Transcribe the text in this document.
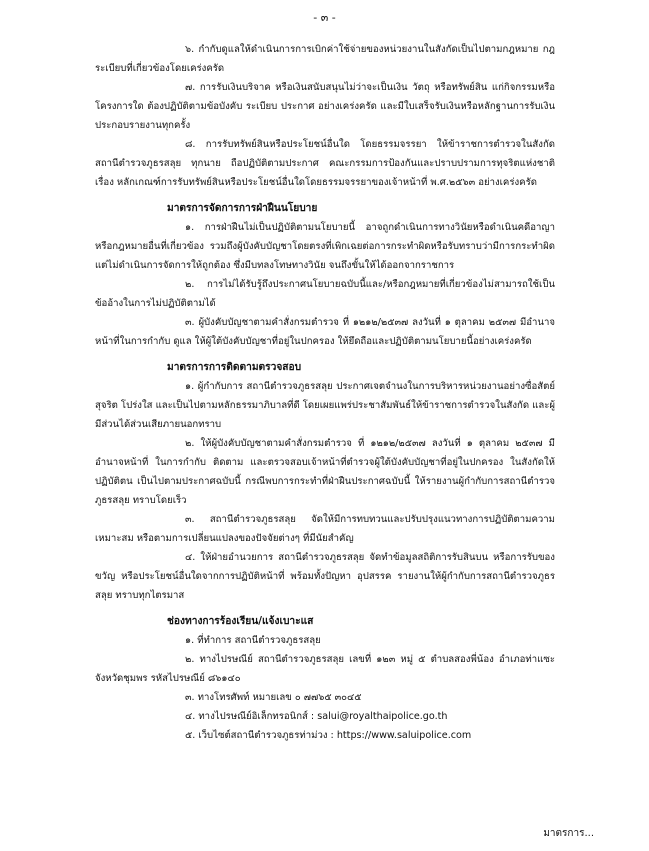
- ๓ -

๖. กำกับดูแลให้ดำเนินการการเบิกค่าใช้จ่ายของหน่วยงานในสังกัดเป็นไปตามกฎหมาย กฎระเบียบที่เกี่ยวข้องโดยเคร่งครัด

๗. การรับเงินบริจาค หรือเงินสนับสนุนไม่ว่าจะเป็นเงิน วัตถุ หรือทรัพย์สิน แก่กิจกรรมหรือโครงการใด ต้องปฏิบัติตามข้อบังคับ ระเบียบ ประกาศ อย่างเคร่งครัด และมีใบเสร็จรับเงินหรือหลักฐานการรับเงินประกอบรายงานทุกครั้ง

๘. การรับทรัพย์สินหรือประโยชน์อื่นใด โดยธรรมจรรยา ให้ข้าราชการตำรวจในสังกัดสถานีตำรวจภูธรสลุย ทุกนาย ถือปฏิบัติตามประกาศ คณะกรรมการป้องกันและปราบปรามการทุจริตแห่งชาติ เรื่อง หลักเกณฑ์การรับทรัพย์สินหรือประโยชน์อื่นใดโดยธรรมจรรยาของเจ้าหน้าที่ พ.ศ.๒๕๖๓ อย่างเคร่งครัด

มาตรการจัดการการฝ่าฝืนนโยบาย

๑. การฝ่าฝืนไม่เป็นปฏิบัติตามนโยบายนี้ อาจถูกดำเนินการทางวินัยหรือดำเนินคดีอาญาหรือกฎหมายอื่นที่เกี่ยวข้อง รวมถึงผู้บังคับบัญชาโดยตรงที่เพิกเฉยต่อการกระทำผิดหรือรับทราบว่ามีการกระทำผิดแต่ไม่ดำเนินการจัดการให้ถูกต้อง ซึ่งมีบทลงโทษทางวินัย จนถึงขั้นให้ได้ออกจากราชการ

๒. การไม่ได้รับรู้ถึงประกาศนโยบายฉบับนี้และ/หรือกฎหมายที่เกี่ยวข้องไม่สามารถใช้เป็นข้ออ้างในการไม่ปฏิบัติตามได้

๓. ผู้บังคับบัญชาตามคำสั่งกรมตำรวจ ที่ ๑๒๑๒/๒๕๓๗ ลงวันที่ ๑ ตุลาคม ๒๕๓๗ มีอำนาจหน้าที่ในการกำกับ ดูแล ให้ผู้ใต้บังคับบัญชาที่อยู่ในปกครอง ให้ยึดถือและปฏิบัติตามนโยบายนี้อย่างเคร่งครัด

มาตรการการติดตามตรวจสอบ

๑. ผู้กำกับการ สถานีตำรวจภูธรสลุย ประกาศเจตจำนงในการบริหารหน่วยงานอย่างซื่อสัตย์ สุจริต โปร่งใส และเป็นไปตามหลักธรรมาภิบาลที่ดี โดยเผยแพร่ประชาสัมพันธ์ให้ข้าราชการตำรวจในสังกัด และผู้มีส่วนได้ส่วนเสียภายนอกทราบ

๒. ให้ผู้บังคับบัญชาตามคำสั่งกรมตำรวจ ที่ ๑๒๑๒/๒๕๓๗ ลงวันที่ ๑ ตุลาคม ๒๕๓๗ มีอำนาจหน้าที่ ในการกำกับ ติดตาม และตรวจสอบเจ้าหน้าที่ตำรวจผู้ใต้บังคับบัญชาที่อยู่ในปกครอง ในสังกัดให้ปฏิบัติตน เป็นไปตามประกาศฉบับนี้ กรณีพบการกระทำที่ฝ่าฝืนประกาศฉบับนี้ ให้รายงานผู้กำกับการสถานีตำรวจภูธรสลุย ทราบโดยเร็ว

๓. สถานีตำรวจภูธรสลุย จัดให้มีการทบทวนและปรับปรุงแนวทางการปฏิบัติตามความเหมาะสม หรือตามการเปลี่ยนแปลงของปัจจัยต่างๆ ที่มีนัยสำคัญ

๔. ให้ฝ่ายอำนวยการ สถานีตำรวจภูธรสลุย จัดทำข้อมูลสถิติการรับสินบน หรือการรับของขวัญ หรือประโยชน์อื่นใดจากการปฏิบัติหน้าที่ พร้อมทั้งปัญหา อุปสรรค รายงานให้ผู้กำกับการสถานีตำรวจภูธรสลุย ทราบทุกไตรมาส

ช่องทางการร้องเรียน/แจ้งเบาะแส
๑. ที่ทำการ สถานีตำรวจภูธรสลุย

๒. ทางไปรษณีย์ สถานีตำรวจภูธรสลุย เลขที่ ๑๒๓ หมู่ ๕ ตำบลสองพี่น้อง อำเภอท่าแซะ จังหวัดชุมพร รหัสไปรษณีย์ ๘๖๑๔๐

๓. ทางโทรศัพท์ หมายเลข ๐ ๗๗๖๕ ๓๐๔๕
๔. ทางไปรษณีย์อิเล็กทรอนิกส์ : salui@royalthaipolice.go.th
๕. เว็บไซต์สถานีตำรวจภูธรท่าม่วง : https://www.saluipolice.com
มาตรการ...
